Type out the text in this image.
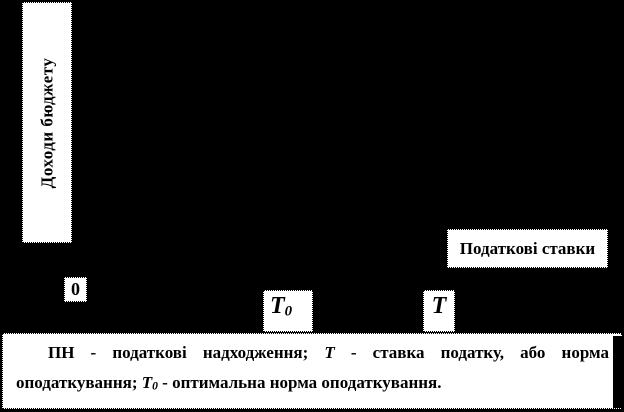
Доходи бюджету
Податкові ставки
0
$Т_0$	Т
ПН - податкові надходження; Т - ставка податку, або норма
оподаткування; $Т_0$ - оптимальна норма оподаткування.
